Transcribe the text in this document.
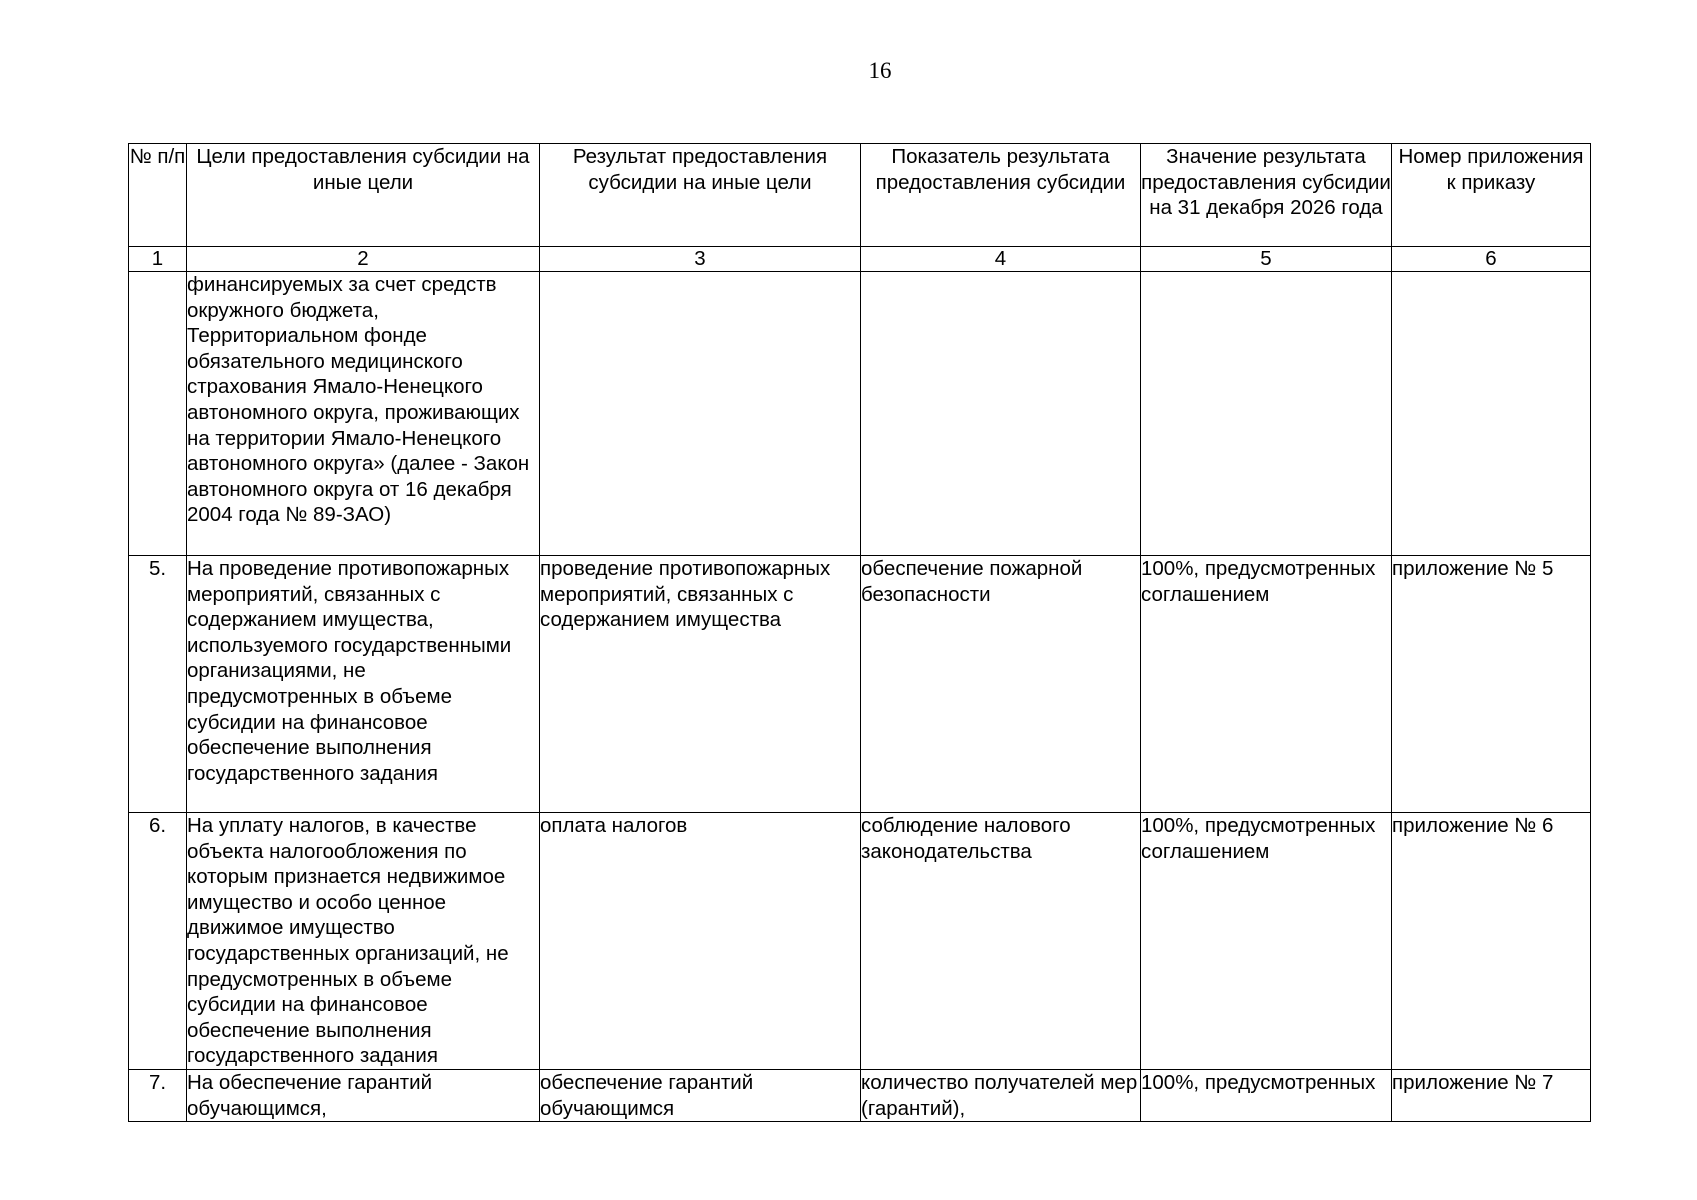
16
№ п/п	Цели предоставления субсидии на иные цели	Результат предоставления субсидии на иные цели	Показатель результата предоставления субсидии	Значение результата предоставления субсидии на 31 декабря 2026 года	Номер приложения к приказу
1	2	3	4	5	6
	финансируемых за счет средств окружного бюджета, Территориальном фонде обязательного медицинского страхования Ямало-Ненецкого автономного округа, проживающих на территории Ямало-Ненецкого автономного округа» (далее - Закон автономного округа от 16 декабря 2004 года № 89-ЗАО)				
5.	На проведение противопожарных мероприятий, связанных с содержанием имущества, используемого государственными организациями, не предусмотренных в объеме субсидии на финансовое обеспечение выполнения государственного задания	проведение противопожарных мероприятий, связанных с содержанием имущества	обеспечение пожарной безопасности	100%, предусмотренных соглашением	приложение № 5
6.	На уплату налогов, в качестве объекта налогообложения по которым признается недвижимое имущество и особо ценное движимое имущество государственных организаций, не предусмотренных в объеме субсидии на финансовое обеспечение выполнения государственного задания	оплата налогов	соблюдение налового законодательства	100%, предусмотренных соглашением	приложение № 6
7.	На обеспечение гарантий обучающимся,	обеспечение гарантий обучающимся	количество получателей мер (гарантий),	100%, предусмотренных	приложение № 7
